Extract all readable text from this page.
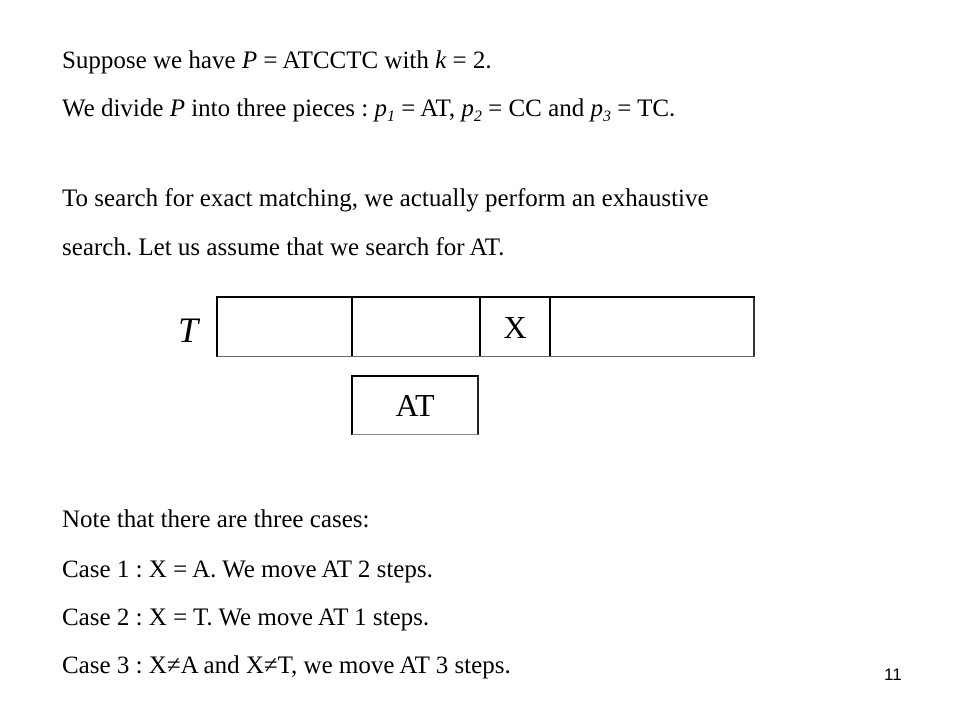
Suppose we have P = ATCCTC with k = 2.
We divide P into three pieces : $p_1$ = AT, $p_2$ = CC and $p_3$ = TC.
To search for exact matching, we actually perform an exhaustive
search. Let us assume that we search for AT.
T	X
AT
Note that there are three cases:
Case 1 : X = A. We move AT 2 steps.
Case 2 : X = T. We move AT 1 steps.
Case 3 : X≠A and X≠T, we move AT 3 steps.	11
